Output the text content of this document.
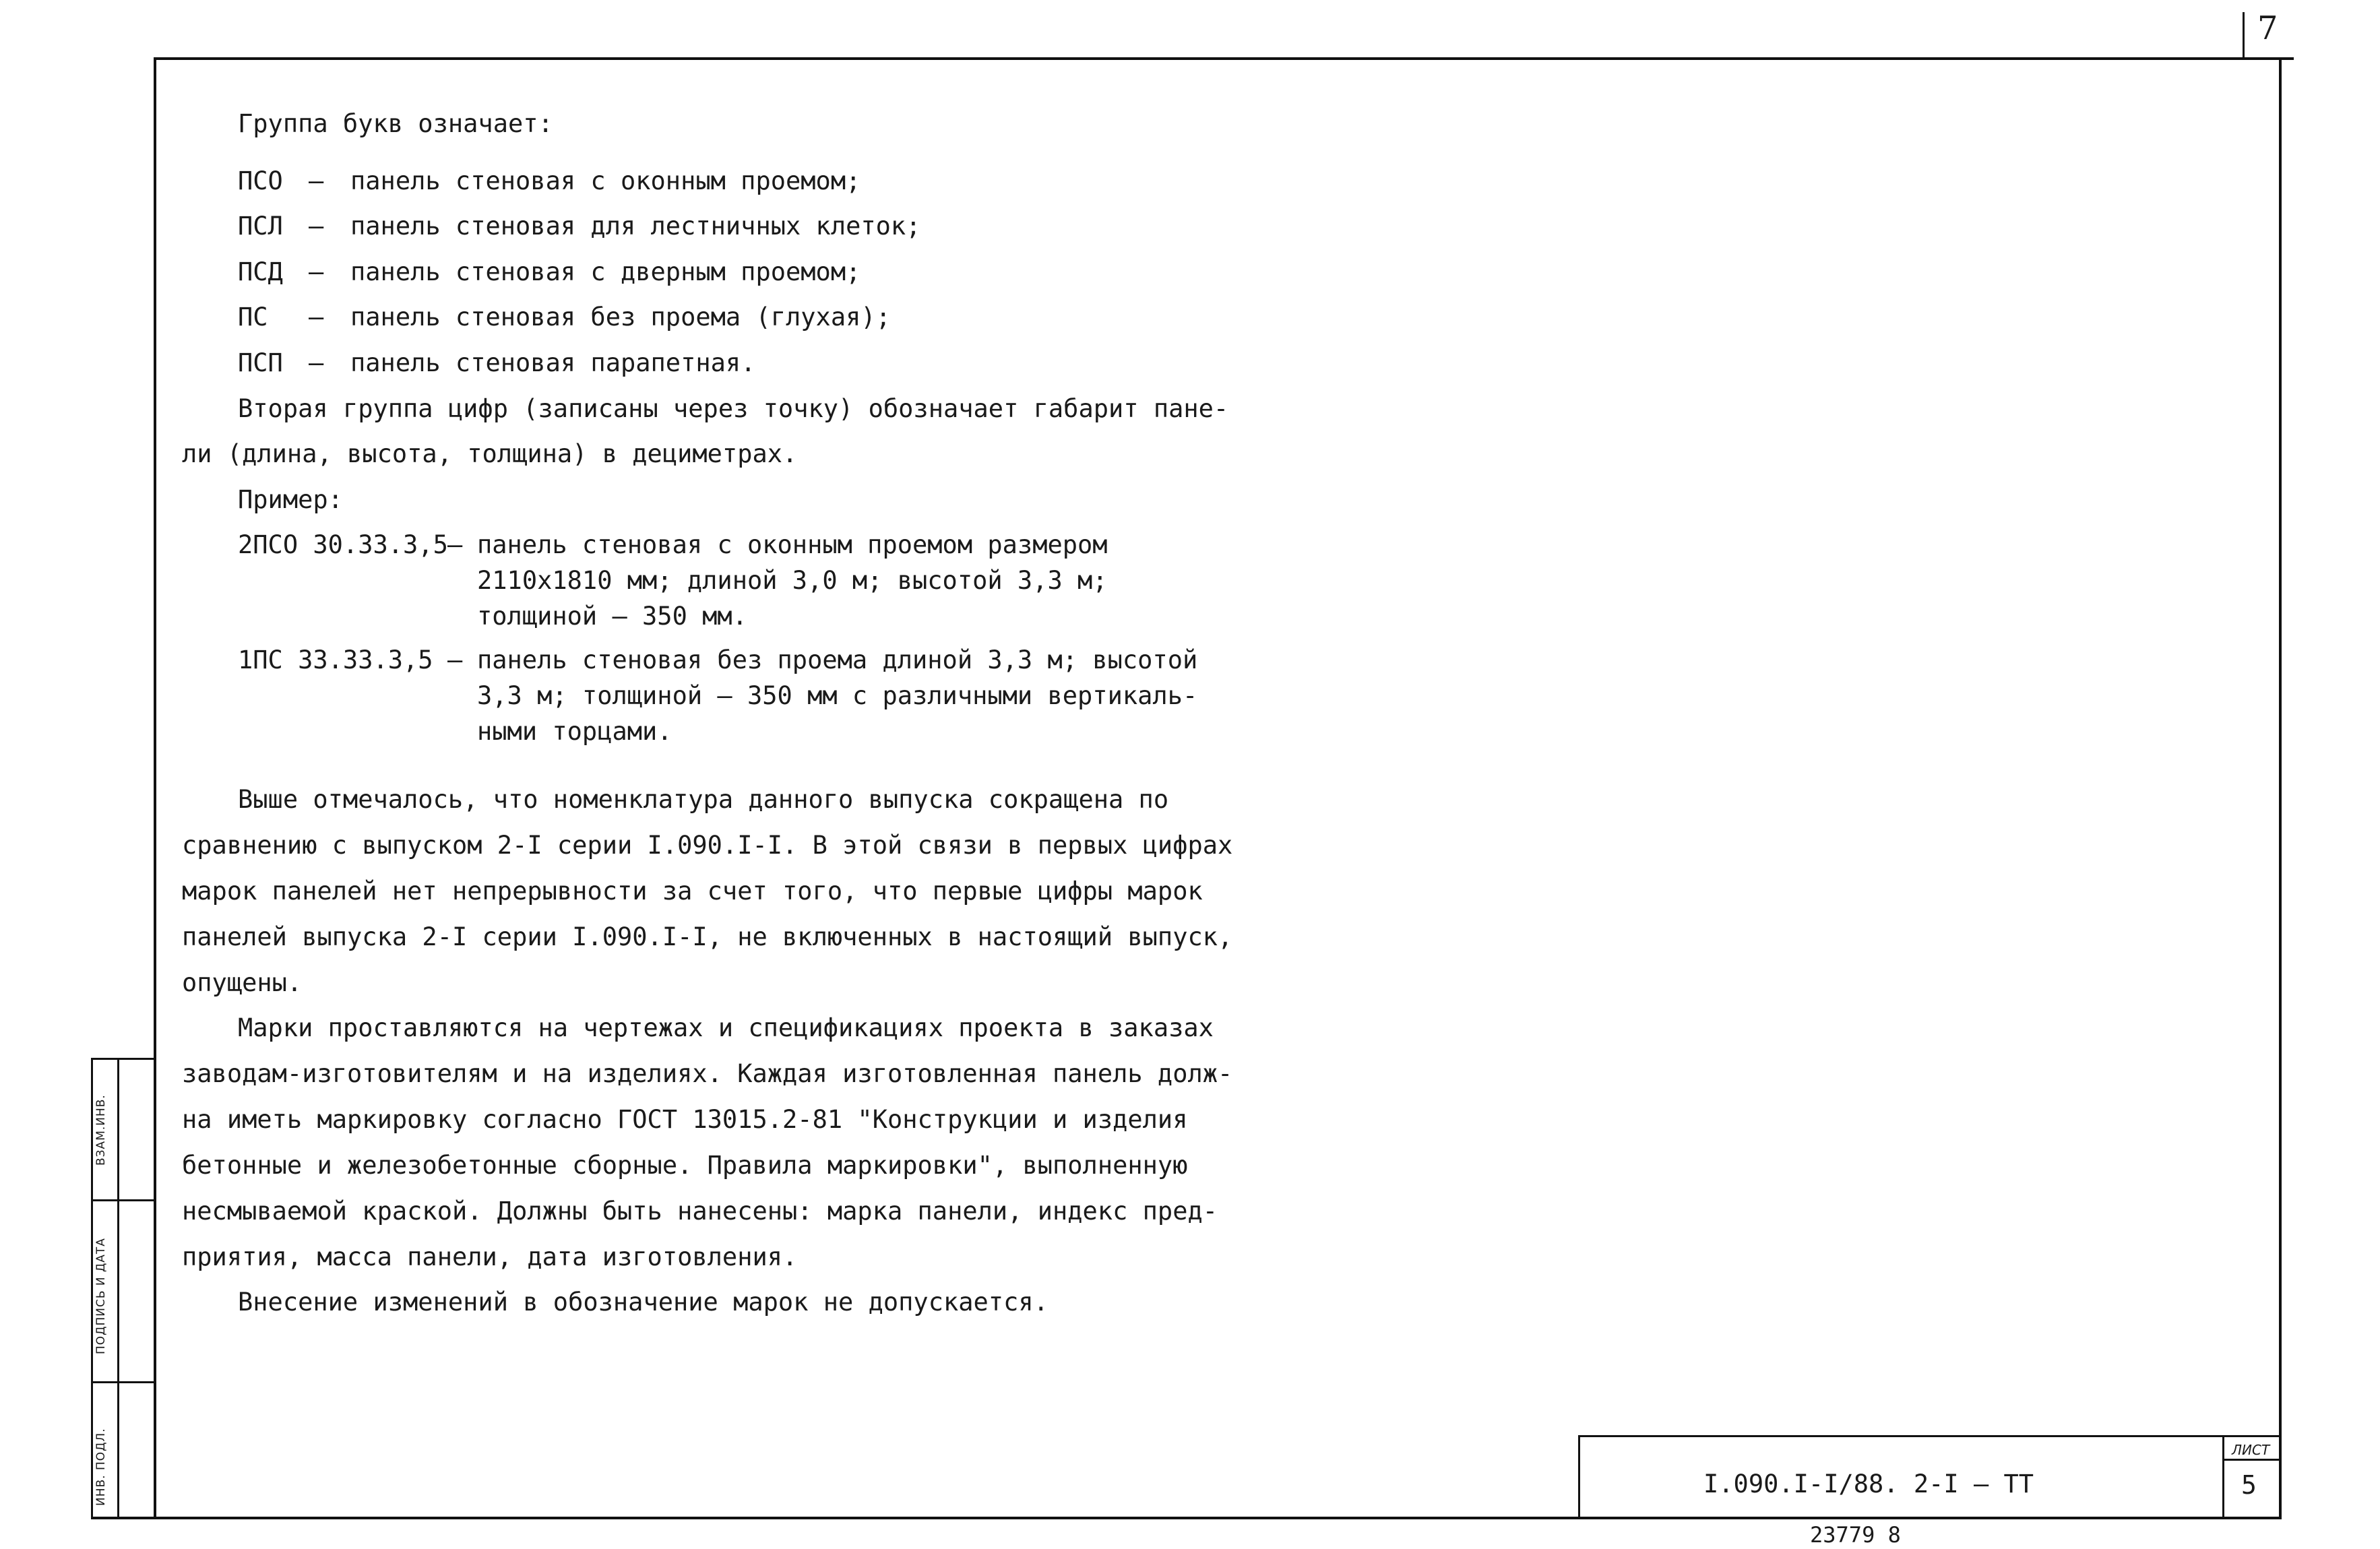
7
Группа букв означает:
ПСО – панель стеновая с оконным проемом;
ПСЛ – панель стеновая для лестничных клеток;
ПСД – панель стеновая с дверным проемом;
ПС – панель стеновая без проема (глухая);
ПСП – панель стеновая парапетная.
Вторая группа цифр (записаны через точку) обозначает габарит пане-
ли (длина, высота, толщина) в дециметрах.
Пример:
2ПСО 30.33.3,5 – панель стеновая с оконным проемом размером
2110х1810 мм; длиной 3,0 м; высотой 3,3 м;
толщиной – 350 мм.
1ПС 33.33.3,5 – панель стеновая без проема длиной 3,3 м; высотой
3,3 м; толщиной – 350 мм с различными вертикаль-
ными торцами.
Выше отмечалось, что номенклатура данного выпуска сокращена по
сравнению с выпуском 2-I серии I.090.I-I. В этой связи в первых цифрах
марок панелей нет непрерывности за счет того, что первые цифры марок
панелей выпуска 2-I серии I.090.I-I, не включенных в настоящий выпуск,
опущены.
Марки проставляются на чертежах и спецификациях проекта в заказах
заводам-изготовителям и на изделиях. Каждая изготовленная панель долж-
на иметь маркировку согласно ГОСТ 13015.2-81 "Конструкции и изделия
бетонные и железобетонные сборные. Правила маркировки", выполненную
несмываемой краской. Должны быть нанесены: марка панели, индекс пред-
приятия, масса панели, дата изготовления.
Внесение изменений в обозначение марок не допускается.
ВЗАМ.ИНВ.
ПОДПИСЬ И ДАТА
ИНВ. ПОДЛ.	I.090.I-I/88. 2-I – ТТ
ЛИСТ
5
23779 8
